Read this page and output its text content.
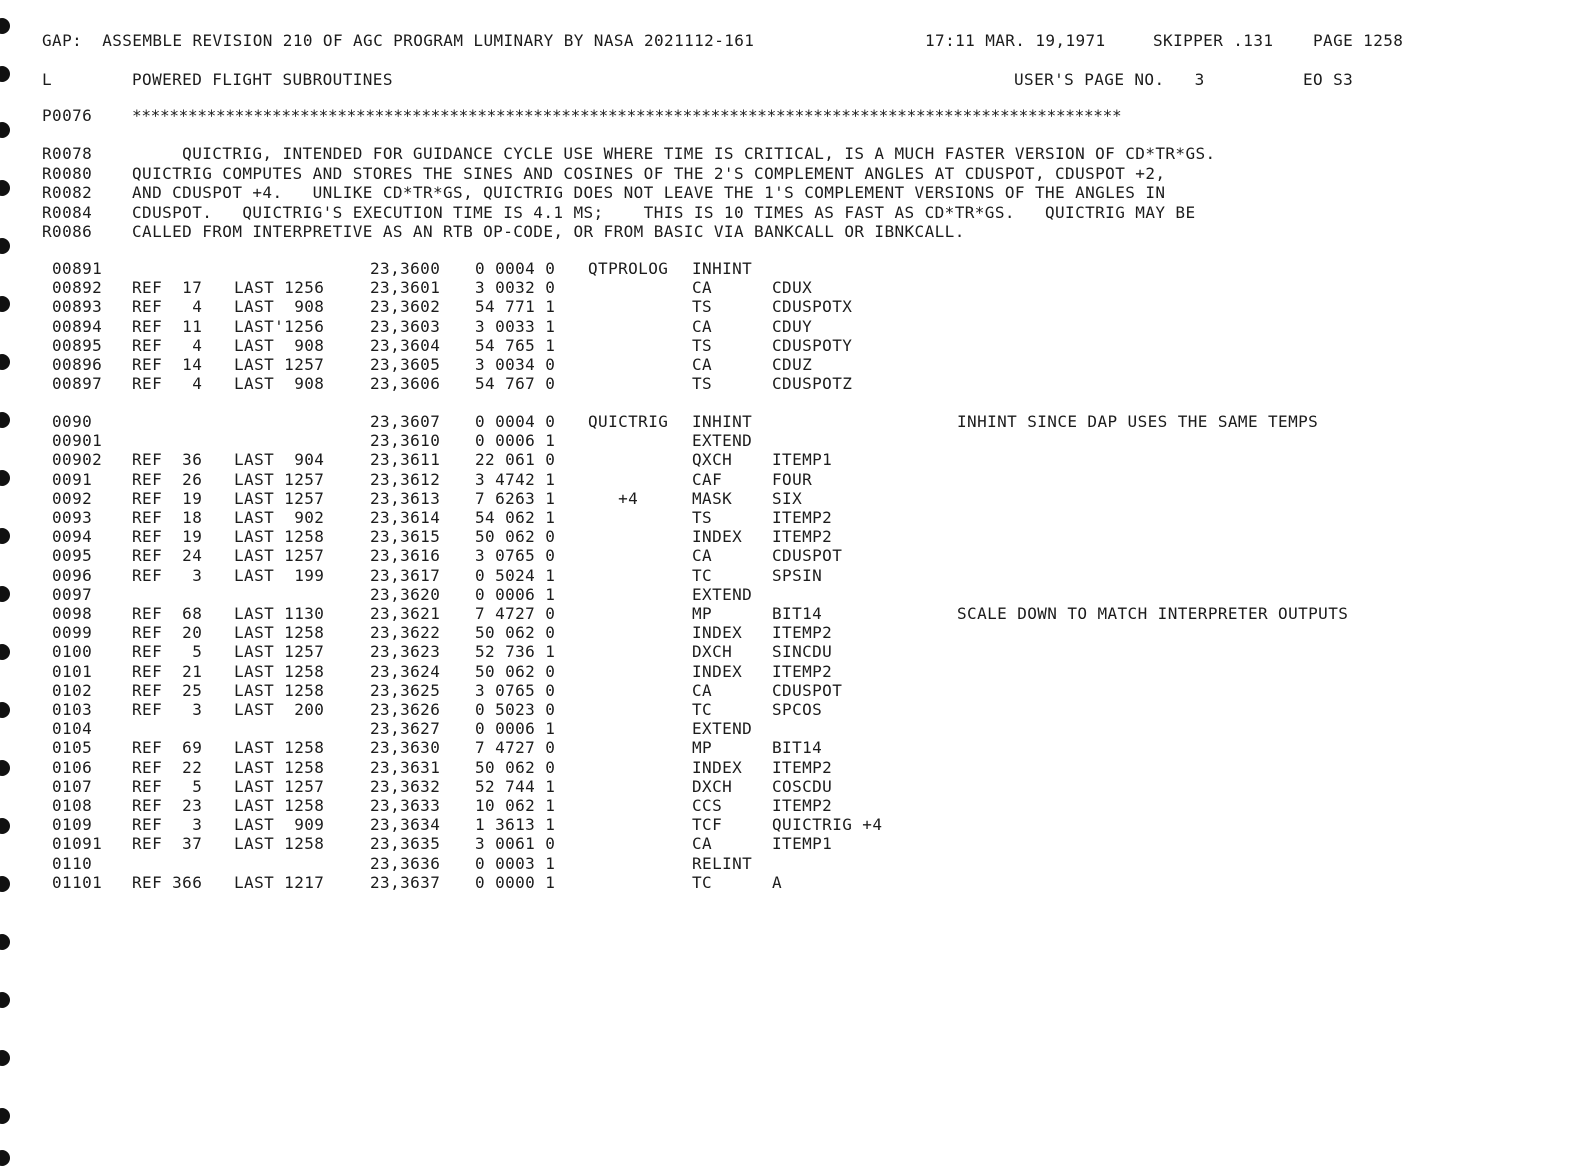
GAP:  ASSEMBLE REVISION 210 OF AGC PROGRAM LUMINARY BY NASA 2021112-161	17:11 MAR. 19,1971	SKIPPER .131 PAGE 1258
L	POWERED FLIGHT SUBROUTINES	USER'S PAGE NO.   3	EO S3
P0076 **********************************************************************************************************
R0078 QUICTRIG, INTENDED FOR GUIDANCE CYCLE USE WHERE TIME IS CRITICAL, IS A MUCH FASTER VERSION OF CD*TR*GS.
R0080 QUICTRIG COMPUTES AND STORES THE SINES AND COSINES OF THE 2'S COMPLEMENT ANGLES AT CDUSPOT, CDUSPOT +2,
R0082 AND CDUSPOT +4.   UNLIKE CD*TR*GS, QUICTRIG DOES NOT LEAVE THE 1'S COMPLEMENT VERSIONS OF THE ANGLES IN
R0084 CDUSPOT.   QUICTRIG'S EXECUTION TIME IS 4.1 MS;    THIS IS 10 TIMES AS FAST AS CD*TR*GS.   QUICTRIG MAY BE
R0086 CALLED FROM INTERPRETIVE AS AN RTB OP-CODE, OR FROM BASIC VIA BANKCALL OR IBNKCALL.
00891	23,3600 0 0004 0 QTPROLOG INHINT
00892 REF  17 LAST 1256	23,3601 3 0032 0	CA	CDUX
00893 REF   4 LAST  908	23,3602 54 771 1	TS	CDUSPOTX
00894 REF  11 LAST'1256	23,3603 3 0033 1	CA	CDUY
00895 REF   4 LAST  908	23,3604 54 765 1	TS	CDUSPOTY
00896 REF  14 LAST 1257	23,3605 3 0034 0	CA	CDUZ
00897 REF   4 LAST  908	23,3606 54 767 0	TS	CDUSPOTZ
0090	23,3607 0 0004 0 QUICTRIG INHINT	INHINT SINCE DAP USES THE SAME TEMPS
00901	23,3610 0 0006 1	EXTEND
00902 REF  36 LAST  904	23,3611 22 061 0	QXCH ITEMP1
0091 REF  26 LAST 1257	23,3612 3 4742 1	CAF	FOUR
0092 REF  19 LAST 1257	23,3613 7 6263 1 +4	MASK SIX
0093 REF  18 LAST  902	23,3614 54 062 1	TS	ITEMP2
0094 REF  19 LAST 1258	23,3615 50 062 0	INDEX ITEMP2
0095 REF  24 LAST 1257	23,3616 3 0765 0	CA	CDUSPOT
0096 REF   3 LAST  199	23,3617 0 5024 1	TC	SPSIN
0097	23,3620 0 0006 1	EXTEND
0098 REF  68 LAST 1130	23,3621 7 4727 0	MP	BIT14	SCALE DOWN TO MATCH INTERPRETER OUTPUTS
0099 REF  20 LAST 1258	23,3622 50 062 0	INDEX ITEMP2
0100 REF   5 LAST 1257	23,3623 52 736 1	DXCH SINCDU
0101 REF  21 LAST 1258	23,3624 50 062 0	INDEX ITEMP2
0102 REF  25 LAST 1258	23,3625 3 0765 0	CA	CDUSPOT
0103 REF   3 LAST  200	23,3626 0 5023 0	TC	SPCOS
0104	23,3627 0 0006 1	EXTEND
0105 REF  69 LAST 1258	23,3630 7 4727 0	MP	BIT14
0106 REF  22 LAST 1258	23,3631 50 062 0	INDEX ITEMP2
0107 REF   5 LAST 1257	23,3632 52 744 1	DXCH COSCDU
0108 REF  23 LAST 1258	23,3633 10 062 1	CCS	ITEMP2
0109 REF   3 LAST  909	23,3634 1 3613 1	TCF	QUICTRIG +4
01091 REF  37 LAST 1258	23,3635 3 0061 0	CA	ITEMP1
0110	23,3636 0 0003 1	RELINT
01101 REF 366 LAST 1217	23,3637 0 0000 1	TC	A
